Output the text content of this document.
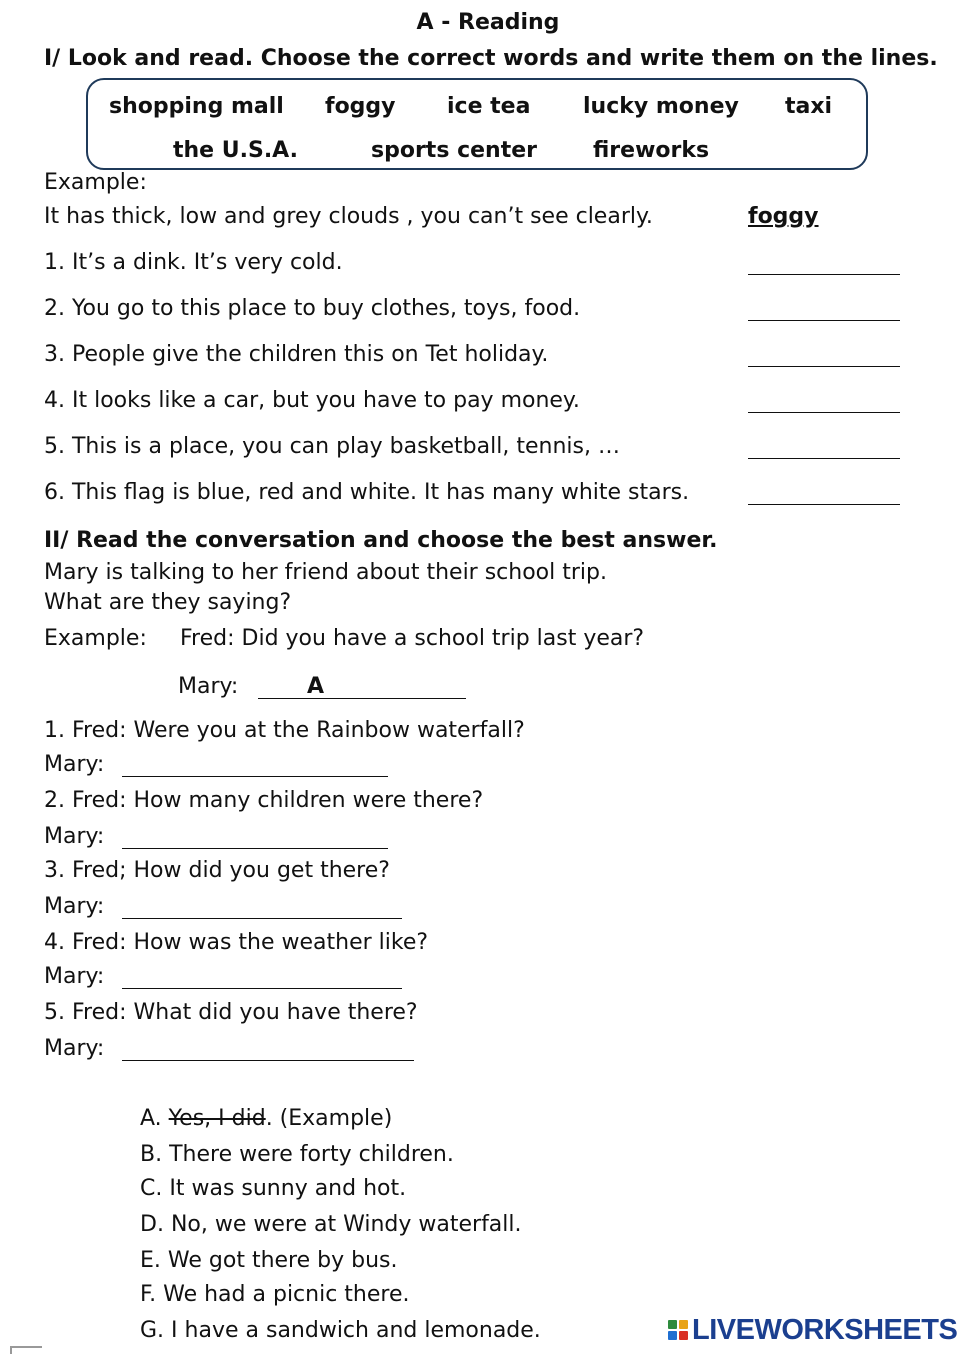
A - Reading
I/ Look and read. Choose the correct words and write them on the lines.
shopping mall foggy ice tea lucky money taxi
the U.S.A.	sports center	fireworks
Example:
It has thick, low and grey clouds , you can’t see clearly.	foggy
1. It’s a dink. It’s very cold.
2. You go to this place to buy clothes, toys, food.
3. People give the children this on Tet holiday.
4. It looks like a car, but you have to pay money.
5. This is a place, you can play basketball, tennis, …
6. This flag is blue, red and white. It has many white stars.
II/ Read the conversation and choose the best answer.
Mary is talking to her friend about their school trip.
What are they saying?
Example: Fred: Did you have a school trip last year?
Mary:	A
1. Fred: Were you at the Rainbow waterfall?
Mary:
2. Fred: How many children were there?
Mary:
3. Fred; How did you get there?
Mary:
4. Fred: How was the weather like?
Mary:
5. Fred: What did you have there?
Mary:
A. Yes, I did. (Example)
B. There were forty children.
C. It was sunny and hot.
D. No, we were at Windy waterfall.
E. We got there by bus.
F. We had a picnic there.
G. I have a sandwich and lemonade.	LIVEWORKSHEETS
